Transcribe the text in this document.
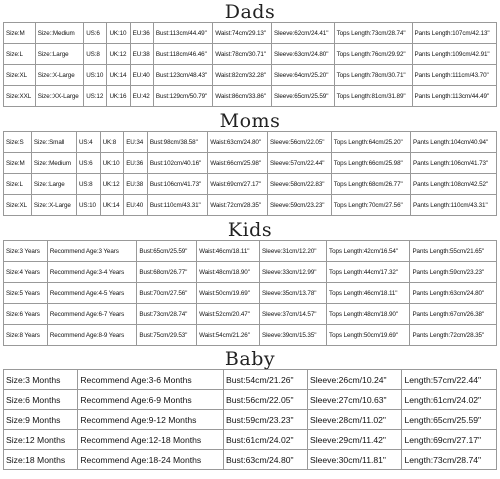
Dads
Size:M	Size::Medium	US:6	UK:10	EU:36	Bust:113cm/44.49"	Waist:74cm/29.13"	Sleeve:62cm/24.41"	Tops Length:73cm/28.74"	Pants Length:107cm/42.13"
Size:L	Size::Large	US:8	UK:12	EU:38	Bust:118cm/46.46"	Waist:78cm/30.71"	Sleeve:63cm/24.80"	Tops Length:76cm/29.92"	Pants Length:109cm/42.91"
Size:XL	Size::X-Large	US:10	UK:14	EU:40	Bust:123cm/48.43"	Waist:82cm/32.28"	Sleeve:64cm/25.20"	Tops Length:78cm/30.71"	Pants Length:111cm/43.70"
Size:XXL	Size::XX-Large	US:12	UK:16	EU:42	Bust:129cm/50.79"	Waist:86cm/33.86"	Sleeve:65cm/25.59"	Tops Length:81cm/31.89"	Pants Length:113cm/44.49"
Moms
Size:S	Size::Small	US:4	UK:8	EU:34	Bust:98cm/38.58"	Waist:63cm/24.80"	Sleeve:56cm/22.05"	Tops Length:64cm/25.20"	Pants Length:104cm/40.94"
Size:M	Size::Medium	US:6	UK:10	EU:36	Bust:102cm/40.16"	Waist:66cm/25.98"	Sleeve:57cm/22.44"	Tops Length:66cm/25.98"	Pants Length:106cm/41.73"
Size:L	Size::Large	US:8	UK:12	EU:38	Bust:106cm/41.73"	Waist:69cm/27.17"	Sleeve:58cm/22.83"	Tops Length:68cm/26.77"	Pants Length:108cm/42.52"
Size:XL	Size::X-Large	US:10	UK:14	EU:40	Bust:110cm/43.31"	Waist:72cm/28.35"	Sleeve:59cm/23.23"	Tops Length:70cm/27.56"	Pants Length:110cm/43.31"
Kids
Size:3 Years	Recommend Age:3 Years	Bust:65cm/25.59"	Waist:46cm/18.11"	Sleeve:31cm/12.20"	Tops Length:42cm/16.54"	Pants Length:55cm/21.65"
Size:4 Years	Recommend Age:3-4 Years	Bust:68cm/26.77"	Waist:48cm/18.90"	Sleeve:33cm/12.99"	Tops Length:44cm/17.32"	Pants Length:59cm/23.23"
Size:5 Years	Recommend Age:4-5 Years	Bust:70cm/27.56"	Waist:50cm/19.69"	Sleeve:35cm/13.78"	Tops Length:46cm/18.11"	Pants Length:63cm/24.80"
Size:6 Years	Recommend Age:6-7 Years	Bust:73cm/28.74"	Waist:52cm/20.47"	Sleeve:37cm/14.57"	Tops Length:48cm/18.90"	Pants Length:67cm/26.38"
Size:8 Years	Recommend Age:8-9 Years	Bust:75cm/29.53"	Waist:54cm/21.26"	Sleeve:39cm/15.35"	Tops Length:50cm/19.69"	Pants Length:72cm/28.35"
Baby
Size:3 Months	Recommend Age:3-6 Months	Bust:54cm/21.26"	Sleeve:26cm/10.24"	Length:57cm/22.44"
Size:6 Months	Recommend Age:6-9 Months	Bust:56cm/22.05"	Sleeve:27cm/10.63"	Length:61cm/24.02"
Size:9 Months	Recommend Age:9-12 Months	Bust:59cm/23.23"	Sleeve:28cm/11.02"	Length:65cm/25.59"
Size:12 Months	Recommend Age:12-18 Months	Bust:61cm/24.02"	Sleeve:29cm/11.42"	Length:69cm/27.17"
Size:18 Months	Recommend Age:18-24 Months	Bust:63cm/24.80"	Sleeve:30cm/11.81"	Length:73cm/28.74"
